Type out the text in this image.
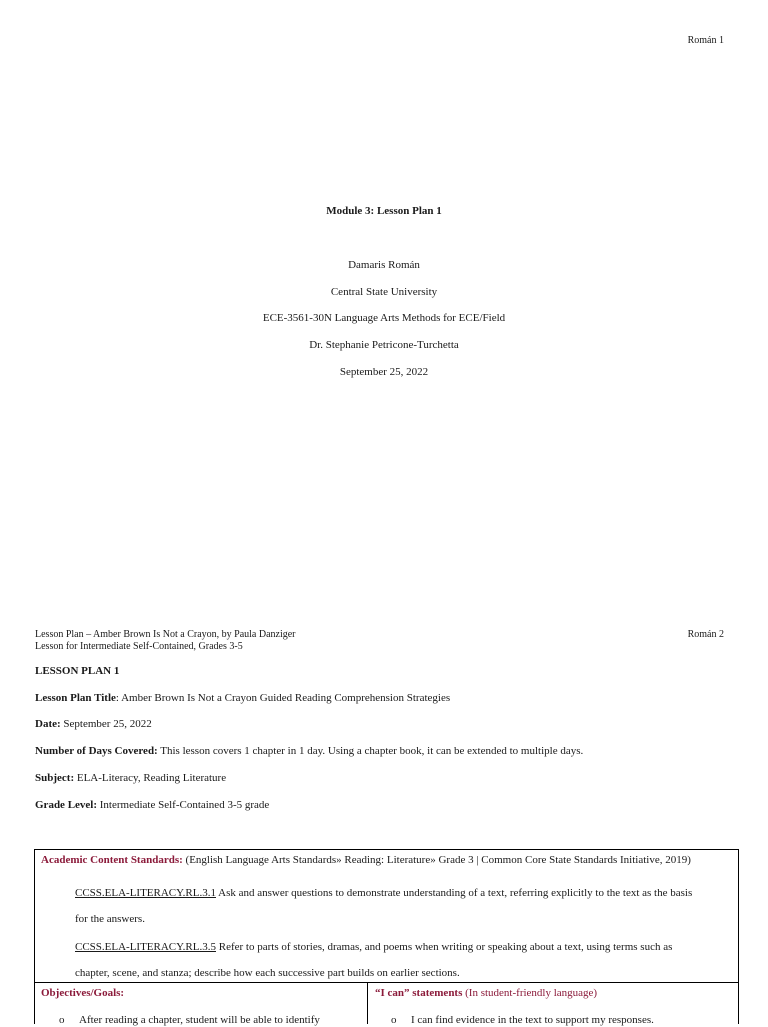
Román 1
Module 3: Lesson Plan 1
Damaris Román
Central State University
ECE-3561-30N Language Arts Methods for ECE/Field
Dr. Stephanie Petricone-Turchetta
September 25, 2022
Lesson Plan – Amber Brown Is Not a Crayon, by Paula Danziger
Lesson for Intermediate Self-Contained, Grades 3-5
Román 2
LESSON PLAN 1
Lesson Plan Title: Amber Brown Is Not a Crayon Guided Reading Comprehension Strategies
Date: September 25, 2022
Number of Days Covered: This lesson covers 1 chapter in 1 day. Using a chapter book, it can be extended to multiple days.
Subject: ELA-Literacy, Reading Literature
Grade Level: Intermediate Self-Contained 3-5 grade
Academic Content Standards: (English Language Arts Standards» Reading: Literature» Grade 3 | Common Core State Standards Initiative, 2019)
CCSS.ELA-LITERACY.RL.3.1 Ask and answer questions to demonstrate understanding of a text, referring explicitly to the text as the basis
for the answers.
CCSS.ELA-LITERACY.RL.3.5 Refer to parts of stories, dramas, and poems when writing or speaking about a text, using terms such as
chapter, scene, and stanza; describe how each successive part builds on earlier sections.
Objectives/Goals:
o After reading a chapter, student will be able to identify
“I can” statements (In student-friendly language)
o I can find evidence in the text to support my responses.
